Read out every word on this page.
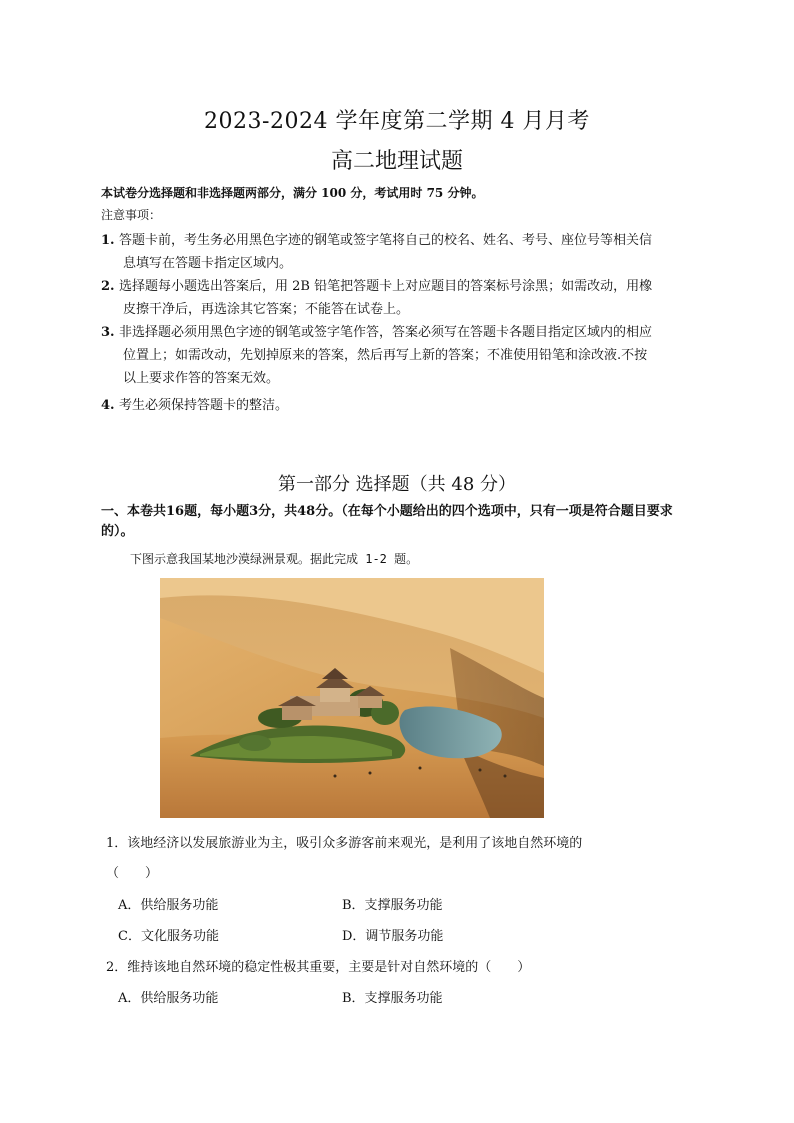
2023-2024 学年度第二学期 4 月月考
高二地理试题
本试卷分选择题和非选择题两部分，满分 100 分，考试用时 75 分钟。
注意事项：
1. 答题卡前，考生务必用黑色字迹的钢笔或签字笔将自己的校名、姓名、考号、座位号等相关信
息填写在答题卡指定区域内。
2. 选择题每小题选出答案后，用 2B 铅笔把答题卡上对应题目的答案标号涂黑；如需改动，用橡
皮擦干净后，再选涂其它答案；不能答在试卷上。
3. 非选择题必须用黑色字迹的钢笔或签字笔作答，答案必须写在答题卡各题目指定区域内的相应
位置上；如需改动，先划掉原来的答案，然后再写上新的答案；不准使用铅笔和涂改液.不按
以上要求作答的答案无效。
4. 考生必须保持答题卡的整洁。
第一部分 选择题（共 48 分）
一、本卷共16题，每小题3分，共48分。（在每个小题给出的四个选项中，只有一项是符合题目要求的）。
下图示意我国某地沙漠绿洲景观。据此完成 1-2 题。
1．该地经济以发展旅游业为主，吸引众多游客前来观光，是利用了该地自然环境的
（　　）
A．供给服务功能	B．支撑服务功能
C．文化服务功能	D．调节服务功能
2．维持该地自然环境的稳定性极其重要，主要是针对自然环境的（　　）
A．供给服务功能	B．支撑服务功能
